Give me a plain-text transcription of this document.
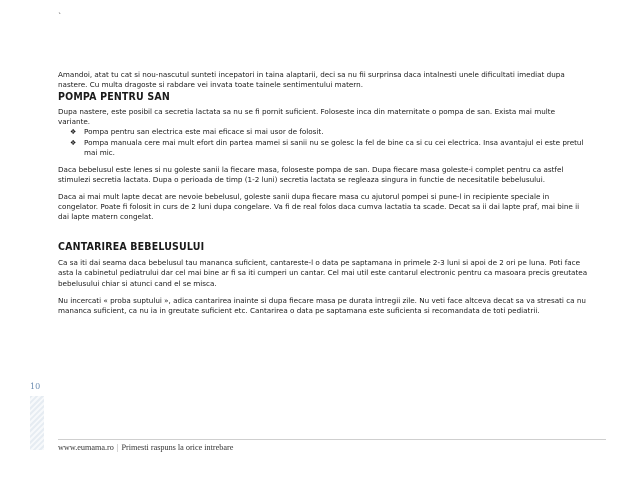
`

Amandoi, atat tu cat si nou-nascutul sunteti incepatori in taina alaptarii, deci sa nu fii surprinsa daca intalnesti unele dificultati imediat dupa nastere. Cu multa dragoste si rabdare vei invata toate tainele sentimentului matern.

POMPA PENTRU SAN

Dupa nastere, este posibil ca secretia lactata sa nu se fi pornit suficient. Foloseste inca din maternitate o pompa de san. Exista mai multe variante.

❖ Pompa pentru san electrica este mai eficace si mai usor de folosit.
❖ Pompa manuala cere mai mult efort din partea mamei si sanii nu se golesc la fel de bine ca si cu cei electrica. Insa avantajul ei este pretul mai mic.

Daca bebelusul este lenes si nu goleste sanii la fiecare masa, foloseste pompa de san. Dupa fiecare masa goleste-i complet pentru ca astfel stimulezi secretia lactata. Dupa o perioada de timp (1-2 luni) secretia lactata se regleaza singura in functie de necesitatile bebelusului.

Daca ai mai mult lapte decat are nevoie bebelusul, goleste sanii dupa fiecare masa cu ajutorul pompei si pune-l in recipiente speciale in congelator. Poate fi folosit in curs de 2 luni dupa congelare. Va fi de real folos daca cumva lactatia ta scade. Decat sa ii dai lapte praf, mai bine ii dai lapte matern congelat.

CANTARIREA BEBELUSULUI

Ca sa iti dai seama daca bebelusul tau mananca suficient, cantareste-l o data pe saptamana in primele 2-3 luni si apoi de 2 ori pe luna. Poti face asta la cabinetul pediatrului dar cel mai bine ar fi sa iti cumperi un cantar. Cel mai util este cantarul electronic pentru ca masoara precis greutatea bebelusului chiar si atunci cand el se misca.

Nu incercati « proba suptului », adica cantarirea inainte si dupa fiecare masa pe durata intregii zile. Nu veti face altceva decat sa va stresati ca nu mananca suficient, ca nu ia in greutate suficient etc. Cantarirea o data pe saptamana este suficienta si recomandata de toti pediatrii.

10
www.eumama.ro | Primesti raspuns la orice intrebare
